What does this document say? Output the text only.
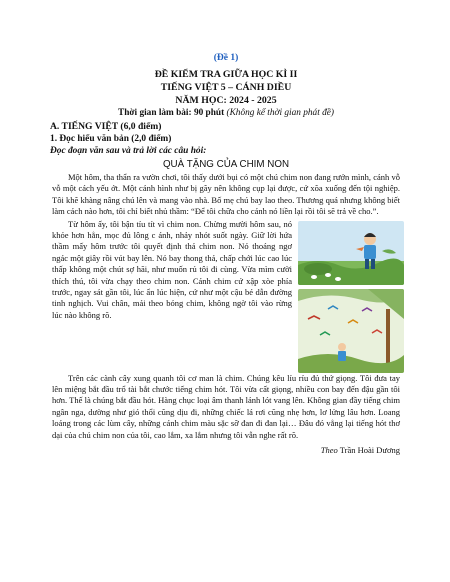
(Đề 1)
ĐỀ KIỂM TRA GIỮA HỌC KÌ II
TIẾNG VIỆT 5 – CÁNH DIỀU
NĂM HỌC: 2024 - 2025
Thời gian làm bài: 90 phút (Không kể thời gian phát đề)
A. TIẾNG VIỆT (6,0 điểm)
1. Đọc hiểu văn bản (2,0 điểm)
Đọc đoạn văn sau và trả lời các câu hỏi:
QUÀ TẶNG CỦA CHIM NON

Một hôm, tha thẩn ra vườn chơi, tôi thấy dưới bụi có một chú chim non đang rướn mình, cánh vỗ vỗ một cách yếu ớt. Một cánh hình như bị gãy nên không cụp lại được, cứ xõa xuống đến tội nghiệp. Tôi khẽ khàng nâng chú lên và mang vào nhà. Bố mẹ chú bay lao theo. Thương quá nhưng không biết làm cách nào hơn, tôi chỉ biết nhủ thầm: “Để tôi chữa cho cánh nó liền lại rồi tôi sẽ trả về cho.”.

Từ hôm ấy, tôi bận tíu tít vì chim non. Chừng mười hôm sau, nó khỏe hơn hẳn, mọc đủ lông c ánh, nhảy nhót suốt ngày. Giữ lời hứa thầm mấy hôm trước tôi quyết định thả chim non. Nó thoáng ngơ ngác một giây rồi vút bay lên. Nó bay thong thả, chấp chới lúc cao lúc thấp không một chút sợ hãi, như muốn rủ tôi đi cùng. Vừa mìm cười thích thú, tôi vừa chạy theo chim non. Cánh chim cứ xập xòe phía trước, ngay sát gần tôi, lúc ẩn lúc hiện, cứ như một cậu bé dẫn đường tinh nghịch. Vui chân, mải theo bóng chim, không ngờ tôi vào rừng lúc nào không rõ.

Trên các cành cây xung quanh tôi cơ man là chim. Chúng kêu líu ríu đủ thứ giọng. Tôi đưa tay lên miệng bắt đầu trổ tài bắt chước tiếng chim hót. Tôi vừa cất giọng, nhiều con bay đến đậu gần tôi hơn. Thế là chúng bắt đầu hót. Hàng chục loại âm thanh lảnh lót vang lên. Không gian đầy tiếng chim ngân nga, dường như gió thổi cũng dịu đi, những chiếc lá rơi cũng nhẹ hơn, lơ lửng lâu hơn. Loang loáng trong các lùm cây, những cánh chim màu sặc sỡ đan đi đan lại… Đâu đó vẳng lại tiếng hót thơ dại của chú chim non của tôi, cao lắm, xa lắm nhưng tôi vẫn nghe rất rõ.

Theo Trần Hoài Dương
